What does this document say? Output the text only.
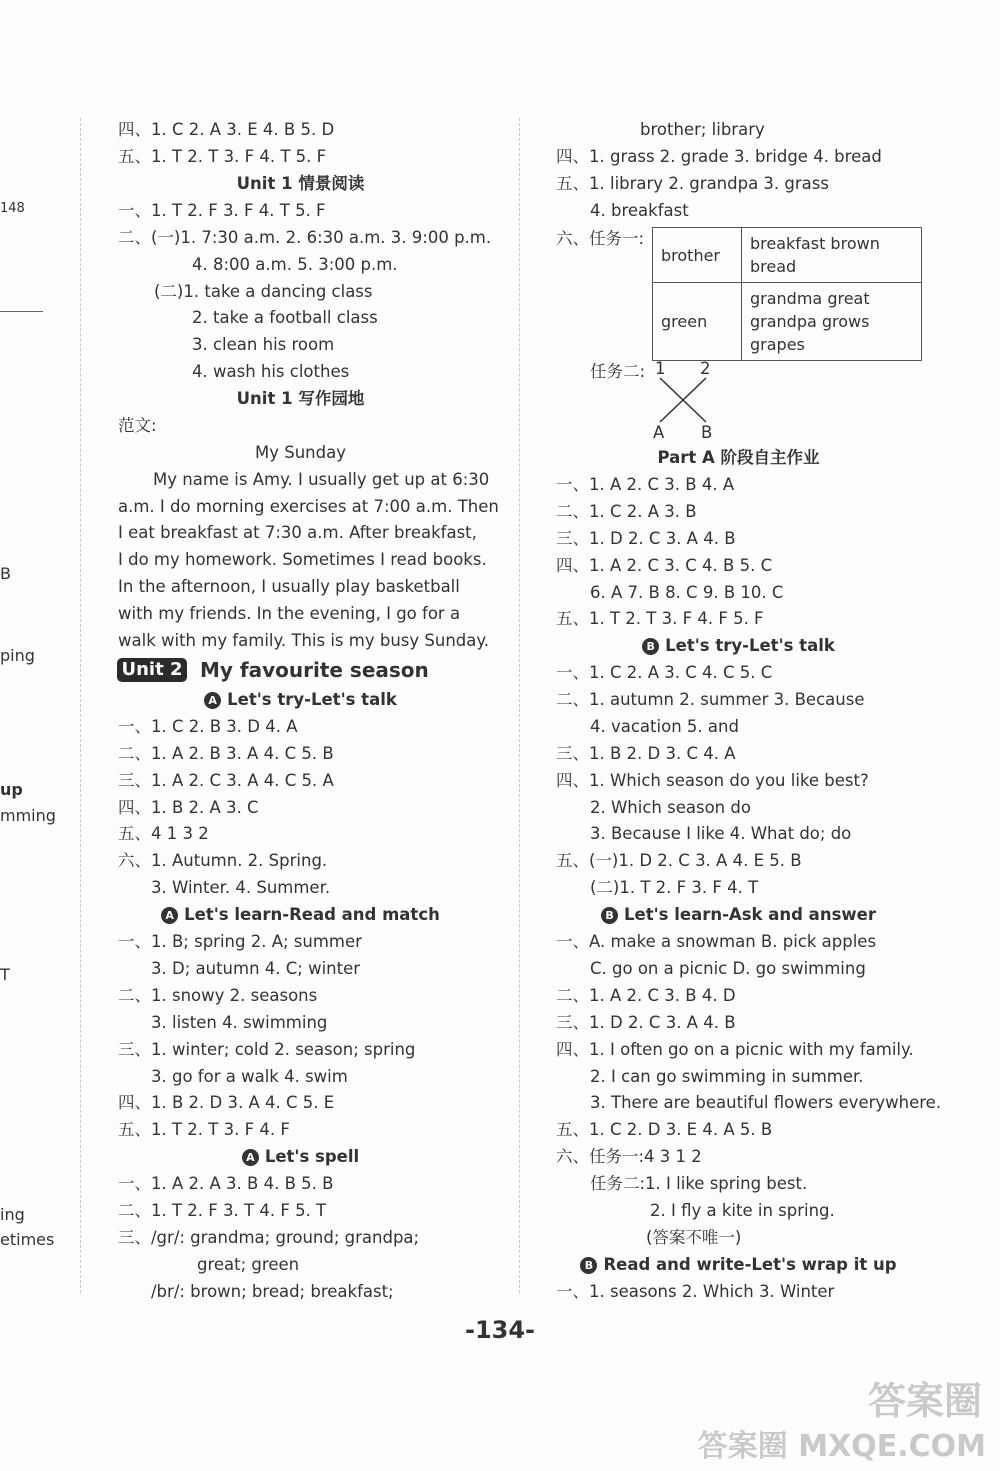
148
B
ping
up
mming
T
ing
etimes
四、1. C 2. A 3. E 4. B 5. D
五、1. T 2. T 3. F 4. T 5. F
Unit 1 情景阅读
一、1. T 2. F 3. F 4. T 5. F
二、(一)1. 7:30 a.m. 2. 6:30 a.m. 3. 9:00 p.m.
4. 8:00 a.m. 5. 3:00 p.m.
(二)1. take a dancing class
2. take a football class
3. clean his room
4. wash his clothes
Unit 1 写作园地
范文:
My Sunday
My name is Amy. I usually get up at 6:30
a.m. I do morning exercises at 7:00 a.m. Then
I eat breakfast at 7:30 a.m. After breakfast,
I do my homework. Sometimes I read books.
In the afternoon, I usually play basketball
with my friends. In the evening, I go for a
walk with my family. This is my busy Sunday.
Unit 2 My favourite season
A Let's try-Let's talk
一、1. C 2. B 3. D 4. A
二、1. A 2. B 3. A 4. C 5. B
三、1. A 2. C 3. A 4. C 5. A
四、1. B 2. A 3. C
五、4 1 3 2
六、1. Autumn. 2. Spring.
3. Winter. 4. Summer.
A Let's learn-Read and match
一、1. B; spring 2. A; summer
3. D; autumn 4. C; winter
二、1. snowy 2. seasons
3. listen 4. swimming
三、1. winter; cold 2. season; spring
3. go for a walk 4. swim
四、1. B 2. D 3. A 4. C 5. E
五、1. T 2. T 3. F 4. F
A Let's spell
一、1. A 2. A 3. B 4. B 5. B
二、1. T 2. F 3. T 4. F 5. T
三、/gr/: grandma; ground; grandpa;
great; green
/br/: brown; bread; breakfast;
brother; library
四、1. grass 2. grade 3. bridge 4. bread
五、1. library 2. grandpa 3. grass
4. breakfast
六、任务一:
brother	breakfast brown
bread

green	grandma great
grandpa grows
grapes
任务二: 1 2
A B
Part A 阶段自主作业
一、1. A 2. C 3. B 4. A
二、1. C 2. A 3. B
三、1. D 2. C 3. A 4. B
四、1. A 2. C 3. C 4. B 5. C
6. A 7. B 8. C 9. B 10. C
五、1. T 2. T 3. F 4. F 5. F
B Let's try-Let's talk
一、1. C 2. A 3. C 4. C 5. C
二、1. autumn 2. summer 3. Because
4. vacation 5. and
三、1. B 2. D 3. C 4. A
四、1. Which season do you like best?
2. Which season do
3. Because I like 4. What do; do
五、(一)1. D 2. C 3. A 4. E 5. B
(二)1. T 2. F 3. F 4. T
B Let's learn-Ask and answer
一、A. make a snowman B. pick apples
C. go on a picnic D. go swimming
二、1. A 2. C 3. B 4. D
三、1. D 2. C 3. A 4. B
四、1. I often go on a picnic with my family.
2. I can go swimming in summer.
3. There are beautiful flowers everywhere.
五、1. C 2. D 3. E 4. A 5. B
六、任务一:4 3 1 2
任务二:1. I like spring best.
2. I fly a kite in spring.
(答案不唯一)
B Read and write-Let's wrap it up
一、1. seasons 2. Which 3. Winter
-134-
答案圈
答案圈 MXQE.COM
